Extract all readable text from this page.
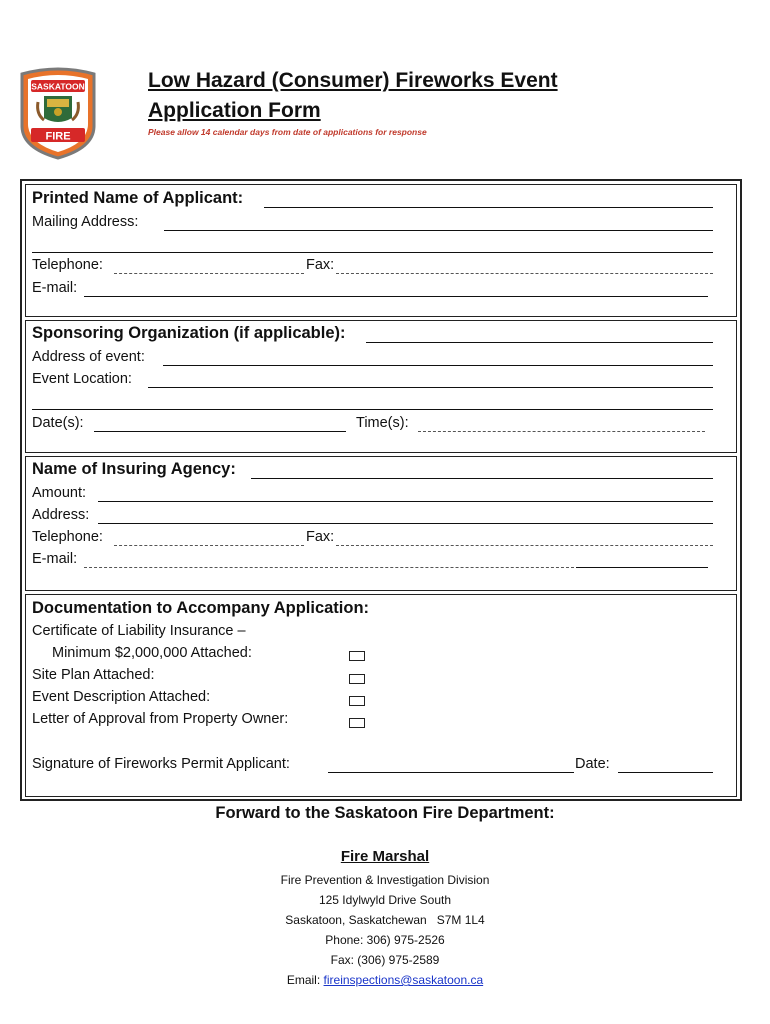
SASKATOON
FIRE
Low Hazard (Consumer) Fireworks Event
Application Form
Please allow 14 calendar days from date of applications for response
Printed Name of Applicant:
Mailing Address:
Telephone:	Fax:
E-mail:
Sponsoring Organization (if applicable):
Address of event:
Event Location:
Date(s):	Time(s):
Name of Insuring Agency:
Amount:
Address:
Telephone:	Fax:
E-mail:
Documentation to Accompany Application:
Certificate of Liability Insurance –
Minimum $2,000,000 Attached:
Site Plan Attached:
Event Description Attached:
Letter of Approval from Property Owner:
Signature of Fireworks Permit Applicant:	Date:
Forward to the Saskatoon Fire Department:
Fire Marshal
Fire Prevention & Investigation Division
125 Idylwyld Drive South
Saskatoon, Saskatchewan   S7M 1L4
Phone: 306) 975-2526
Fax: (306) 975-2589
Email: fireinspections@saskatoon.ca
